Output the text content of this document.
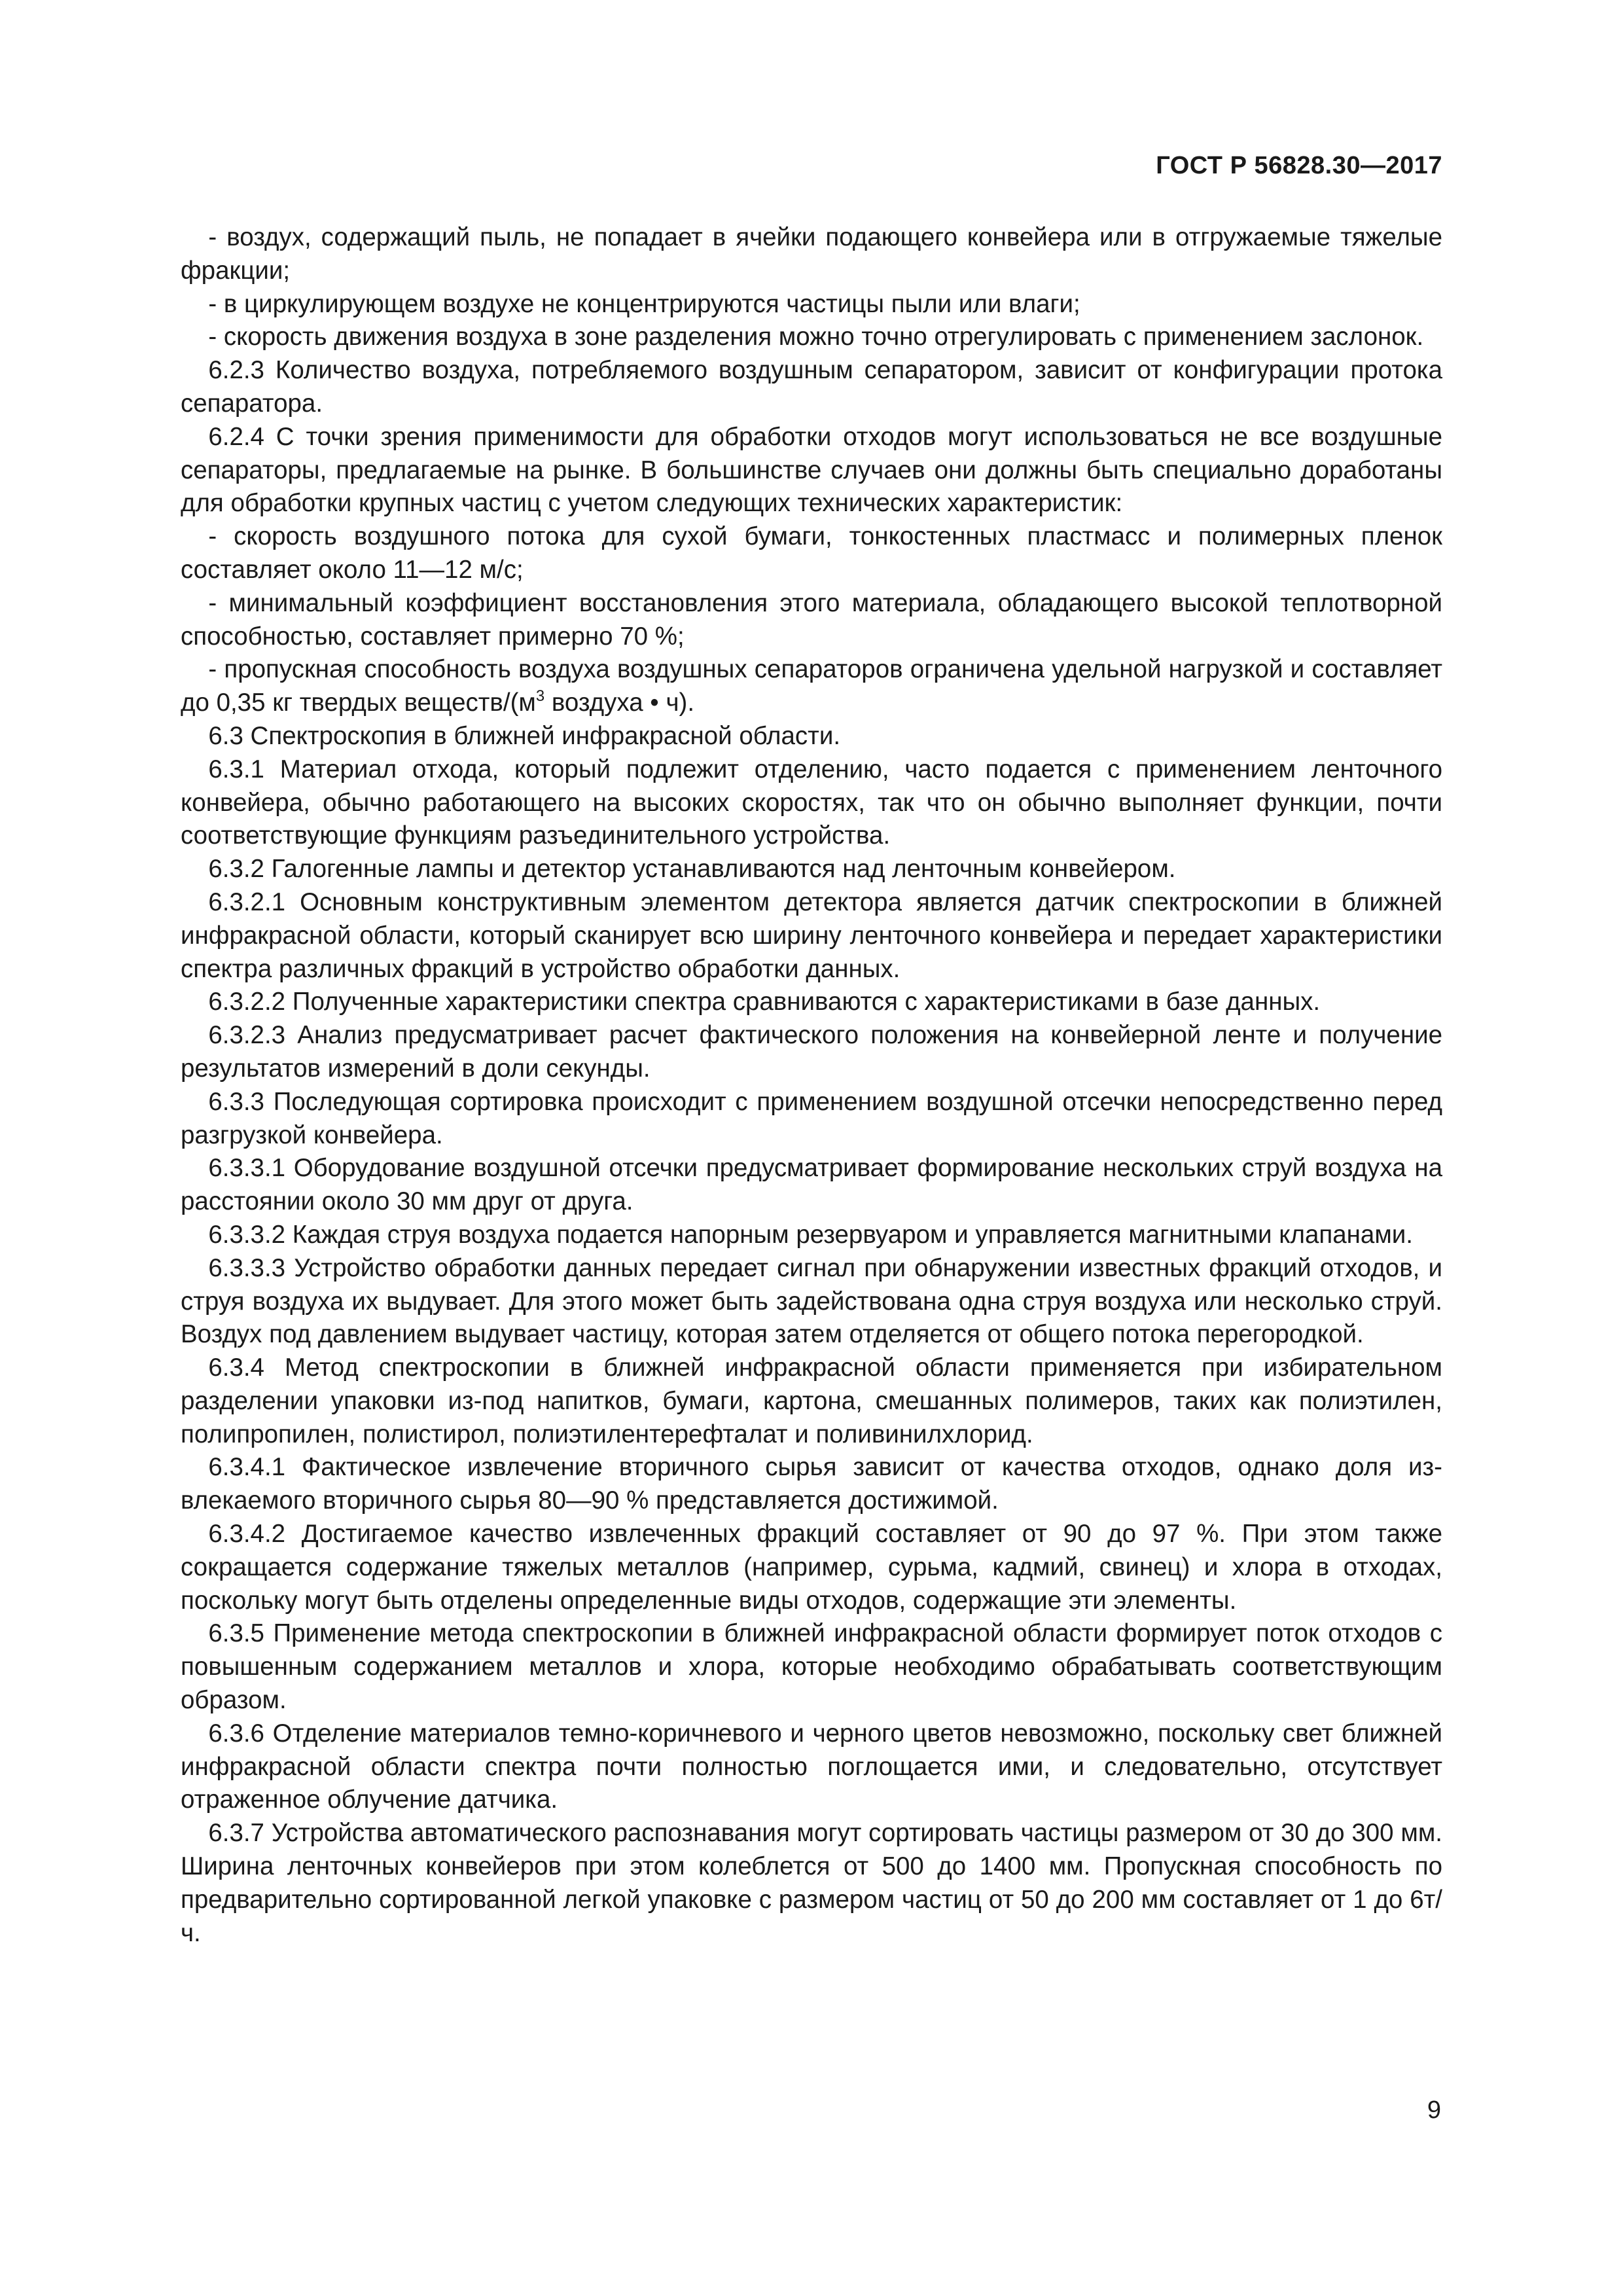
ГОСТ Р 56828.30—2017

- воздух, содержащий пыль, не попадает в ячейки подающего конвейера или в отгружаемые тяжелые фракции;

- в циркулирующем воздухе не концентрируются частицы пыли или влаги;

- скорость движения воздуха в зоне разделения можно точно отрегулировать с применением заслонок.

6.2.3 Количество воздуха, потребляемого воздушным сепаратором, зависит от конфигурации протока сепаратора.

6.2.4 С точки зрения применимости для обработки отходов могут использоваться не все воздушные сепараторы, предлагаемые на рынке. В большинстве случаев они должны быть специально доработаны для обработки крупных частиц с учетом следующих технических характеристик:

- скорость воздушного потока для сухой бумаги, тонкостенных пластмасс и полимерных пленок составляет около 11—12 м/с;

- минимальный коэффициент восстановления этого материала, обладающего высокой теплотворной способностью, составляет примерно 70 %;

- пропускная способность воздуха воздушных сепараторов ограничена удельной нагрузкой и составляет до 0,35 кг твердых веществ/($м^3$ воздуха • ч).

6.3 Спектроскопия в ближней инфракрасной области.

6.3.1 Материал отхода, который подлежит отделению, часто подается с применением ленточного конвейера, обычно работающего на высоких скоростях, так что он обычно выполняет функции, почти соответствующие функциям разъединительного устройства.

6.3.2 Галогенные лампы и детектор устанавливаются над ленточным конвейером.

6.3.2.1 Основным конструктивным элементом детектора является датчик спектроскопии в ближней инфракрасной области, который сканирует всю ширину ленточного конвейера и передает характеристики спектра различных фракций в устройство обработки данных.

6.3.2.2 Полученные характеристики спектра сравниваются с характеристиками в базе данных.

6.3.2.3 Анализ предусматривает расчет фактического положения на конвейерной ленте и получение результатов измерений в доли секунды.

6.3.3 Последующая сортировка происходит с применением воздушной отсечки непосредственно перед разгрузкой конвейера.

6.3.3.1 Оборудование воздушной отсечки предусматривает формирование нескольких струй воздуха на расстоянии около 30 мм друг от друга.

6.3.3.2 Каждая струя воздуха подается напорным резервуаром и управляется магнитными клапанами.

6.3.3.3 Устройство обработки данных передает сигнал при обнаружении известных фракций отходов, и струя воздуха их выдувает. Для этого может быть задействована одна струя воздуха или несколько струй. Воздух под давлением выдувает частицу, которая затем отделяется от общего потока перегородкой.

6.3.4 Метод спектроскопии в ближней инфракрасной области применяется при избирательном разделении упаковки из-под напитков, бумаги, картона, смешанных полимеров, таких как полиэтилен, полипропилен, полистирол, полиэтилентерефталат и поливинилхлорид.

6.3.4.1 Фактическое извлечение вторичного сырья зависит от качества отходов, однако доля извлекаемого вторичного сырья 80—90 % представляется достижимой.

6.3.4.2 Достигаемое качество извлеченных фракций составляет от 90 до 97 %. При этом также сокращается содержание тяжелых металлов (например, сурьма, кадмий, свинец) и хлора в отходах, поскольку могут быть отделены определенные виды отходов, содержащие эти элементы.

6.3.5 Применение метода спектроскопии в ближней инфракрасной области формирует поток отходов с повышенным содержанием металлов и хлора, которые необходимо обрабатывать соответствующим образом.

6.3.6 Отделение материалов темно-коричневого и черного цветов невозможно, поскольку свет ближней инфракрасной области спектра почти полностью поглощается ими, и следовательно, отсутствует отраженное облучение датчика.

6.3.7 Устройства автоматического распознавания могут сортировать частицы размером от 30 до 300 мм. Ширина ленточных конвейеров при этом колеблется от 500 до 1400 мм. Пропускная способность по предварительно сортированной легкой упаковке с размером частиц от 50 до 200 мм составляет от 1 до 6т/ч.

9
